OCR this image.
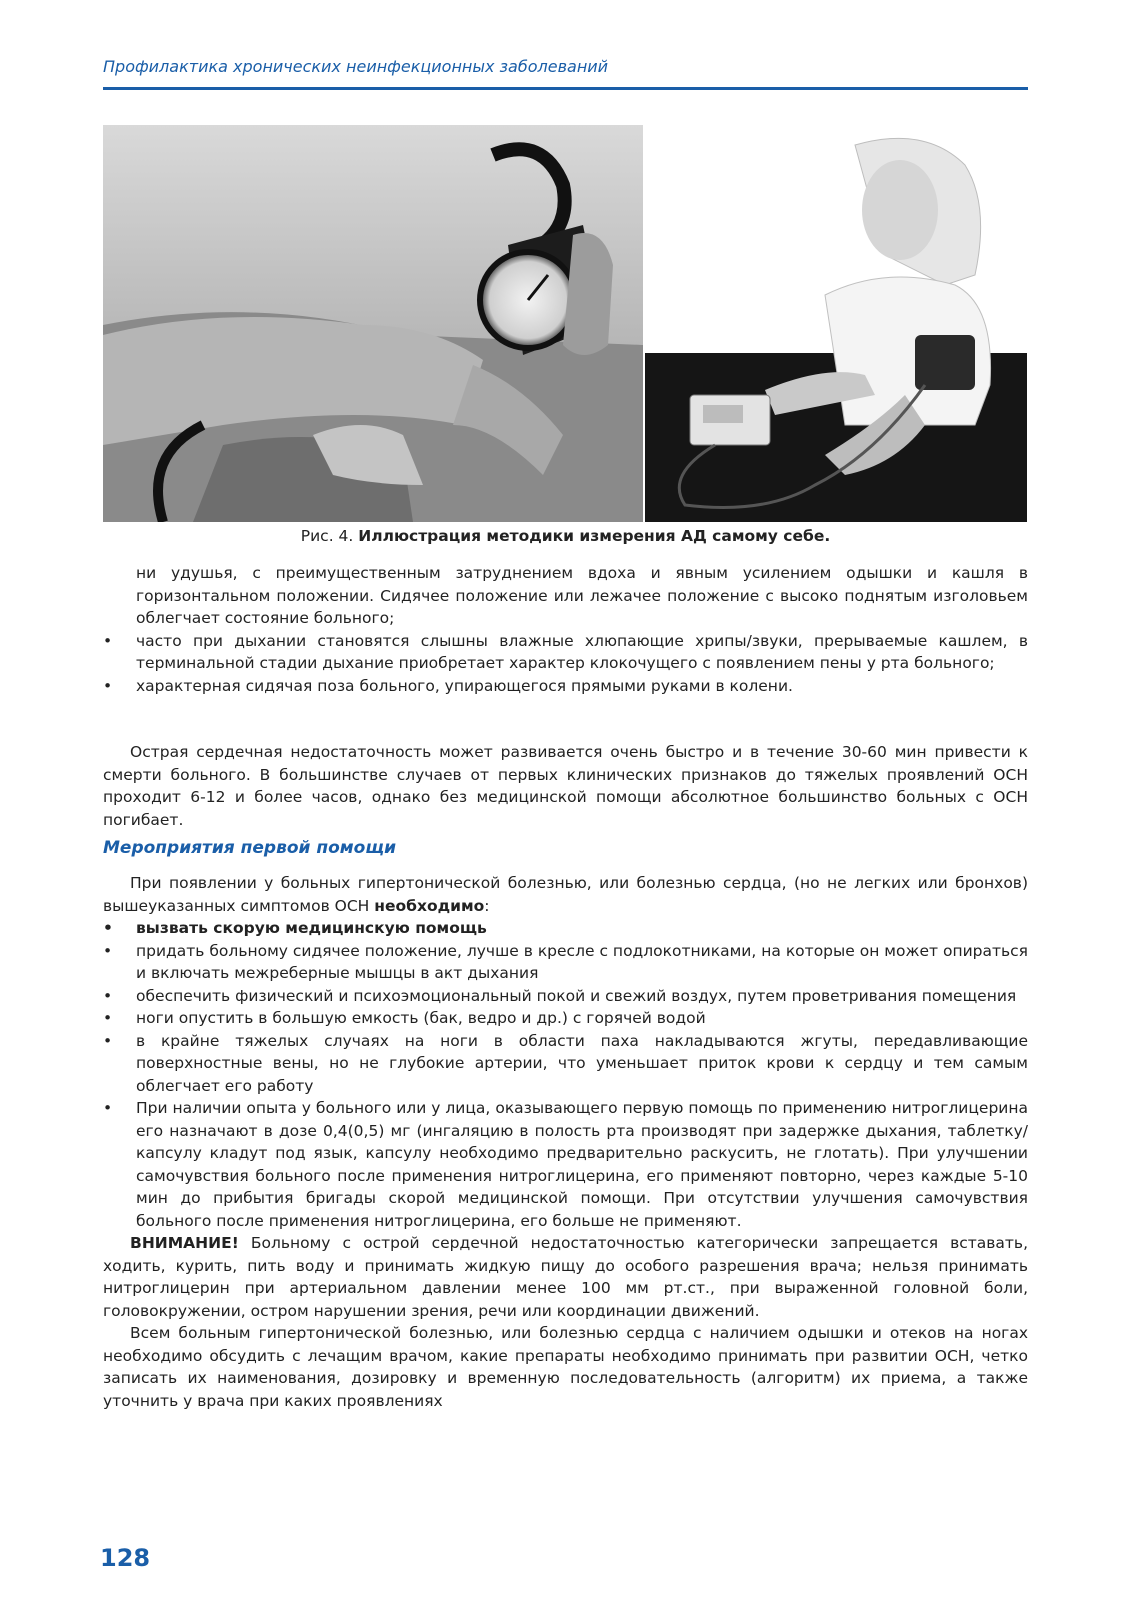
Профилактика хронических неинфекционных заболеваний
Рис. 4. Иллюстрация методики измерения АД самому себе.
ни удушья, с преимущественным затруднением вдоха и явным усилением одышки и кашля в горизонтальном положении. Сидячее положение или лежачее положение с высоко поднятым изголовьем облегчает состояние больного;
• часто при дыхании становятся слышны влажные хлюпающие хрипы/звуки, прерываемые кашлем, в терминальной стадии дыхание приобретает характер клокочущего с появлением пены у рта больного;
• характерная сидячая поза больного, упирающегося прямыми руками в колени.
Острая сердечная недостаточность может развивается очень быстро и в течение 30-60 мин привести к смерти больного. В большинстве случаев от первых клинических признаков до тяжелых проявлений ОСН проходит 6-12 и более часов, однако без медицинской помощи абсолютное большинство больных с ОСН погибает.
Мероприятия первой помощи
При появлении у больных гипертонической болезнью, или болезнью сердца, (но не легких или бронхов) вышеуказанных симптомов ОСН необходимо:
• вызвать скорую медицинскую помощь
• придать больному сидячее положение, лучше в кресле с подлокотниками, на которые он может опираться и включать межреберные мышцы в акт дыхания
• обеспечить физический и психоэмоциональный покой и свежий воздух, путем проветривания помещения
• ноги опустить в большую емкость (бак, ведро и др.) с горячей водой
• в крайне тяжелых случаях на ноги в области паха накладываются жгуты, передавливающие поверхностные вены, но не глубокие артерии, что уменьшает приток крови к сердцу и тем самым облегчает его работу
• При наличии опыта у больного или у лица, оказывающего первую помощь по применению нитроглицерина его назначают в дозе 0,4(0,5) мг (ингаляцию в полость рта производят при задержке дыхания, таблетку/капсулу кладут под язык, капсулу необходимо предварительно раскусить, не глотать). При улучшении самочувствия больного после применения нитроглицерина, его применяют повторно, через каждые 5-10 мин до прибытия бригады скорой медицинской помощи. При отсутствии улучшения самочувствия больного после применения нитроглицерина, его больше не применяют.
ВНИМАНИЕ! Больному с острой сердечной недостаточностью категорически запрещается вставать, ходить, курить, пить воду и принимать жидкую пищу до особого разрешения врача; нельзя принимать нитроглицерин при артериальном давлении менее 100 мм рт.ст., при выраженной головной боли, головокружении, остром нарушении зрения, речи или координации движений.
Всем больным гипертонической болезнью, или болезнью сердца с наличием одышки и отеков на ногах необходимо обсудить с лечащим врачом, какие препараты необходимо принимать при развитии ОСН, четко записать их наименования, дозировку и временную последовательность (алгоритм) их приема, а также уточнить у врача при каких проявлениях
128
